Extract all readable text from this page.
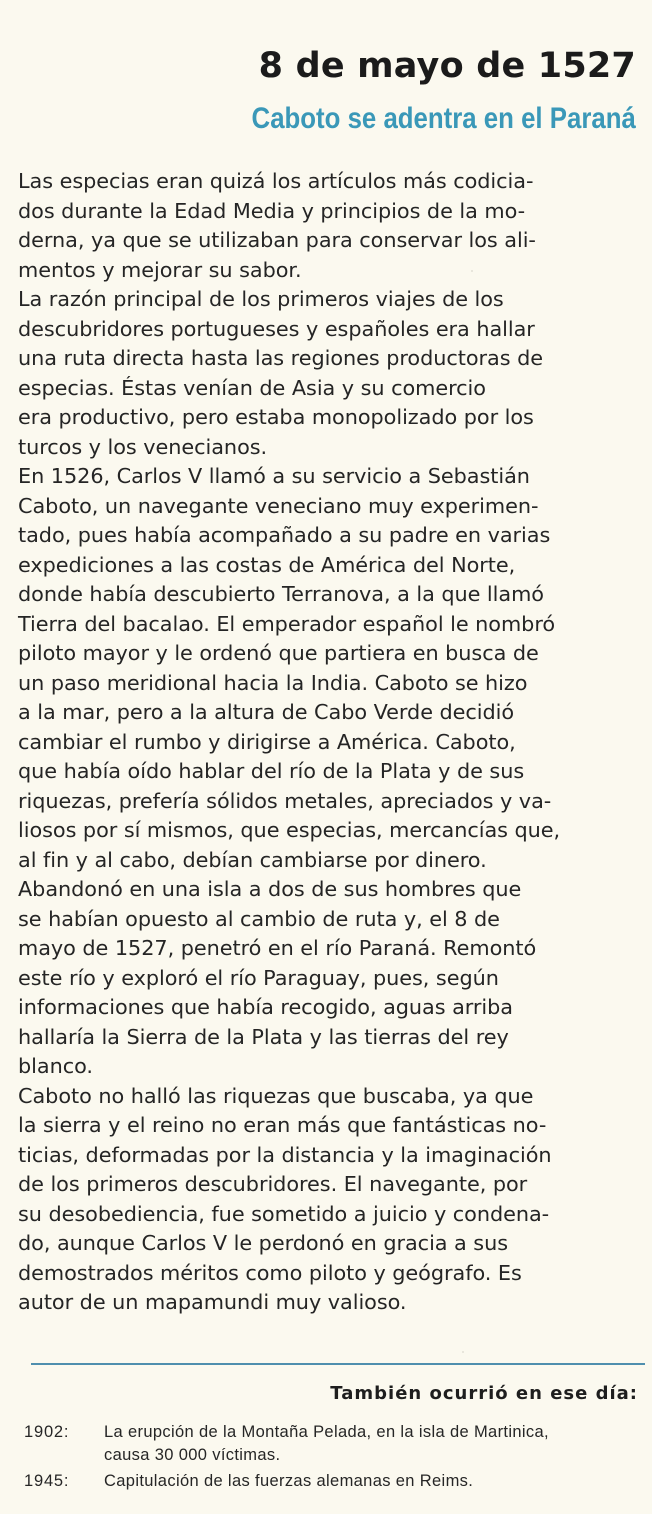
8 de mayo de 1527
Caboto se adentra en el Paraná

Las especias eran quizá los artículos más codicia-
dos durante la Edad Media y principios de la mo-
derna, ya que se utilizaban para conservar los ali-
mentos y mejorar su sabor.

La razón principal de los primeros viajes de los
descubridores portugueses y españoles era hallar
una ruta directa hasta las regiones productoras de
especias. Éstas venían de Asia y su comercio
era productivo, pero estaba monopolizado por los
turcos y los venecianos.

En 1526, Carlos V llamó a su servicio a Sebastián
Caboto, un navegante veneciano muy experimen-
tado, pues había acompañado a su padre en varias
expediciones a las costas de América del Norte,
donde había descubierto Terranova, a la que llamó
Tierra del bacalao. El emperador español le nombró
piloto mayor y le ordenó que partiera en busca de
un paso meridional hacia la India. Caboto se hizo
a la mar, pero a la altura de Cabo Verde decidió
cambiar el rumbo y dirigirse a América. Caboto,
que había oído hablar del río de la Plata y de sus
riquezas, prefería sólidos metales, apreciados y va-
liosos por sí mismos, que especias, mercancías que,
al fin y al cabo, debían cambiarse por dinero.
Abandonó en una isla a dos de sus hombres que
se habían opuesto al cambio de ruta y, el 8 de
mayo de 1527, penetró en el río Paraná. Remontó
este río y exploró el río Paraguay, pues, según
informaciones que había recogido, aguas arriba
hallaría la Sierra de la Plata y las tierras del rey
blanco.

Caboto no halló las riquezas que buscaba, ya que
la sierra y el reino no eran más que fantásticas no-
ticias, deformadas por la distancia y la imaginación
de los primeros descubridores. El navegante, por
su desobediencia, fue sometido a juicio y condena-
do, aunque Carlos V le perdonó en gracia a sus
demostrados méritos como piloto y geógrafo. Es
autor de un mapamundi muy valioso.

También ocurrió en ese día:
1902:	La erupción de la Montaña Pelada, en la isla de Martinica,
causa 30 000 víctimas.
1945:	Capitulación de las fuerzas alemanas en Reims.
